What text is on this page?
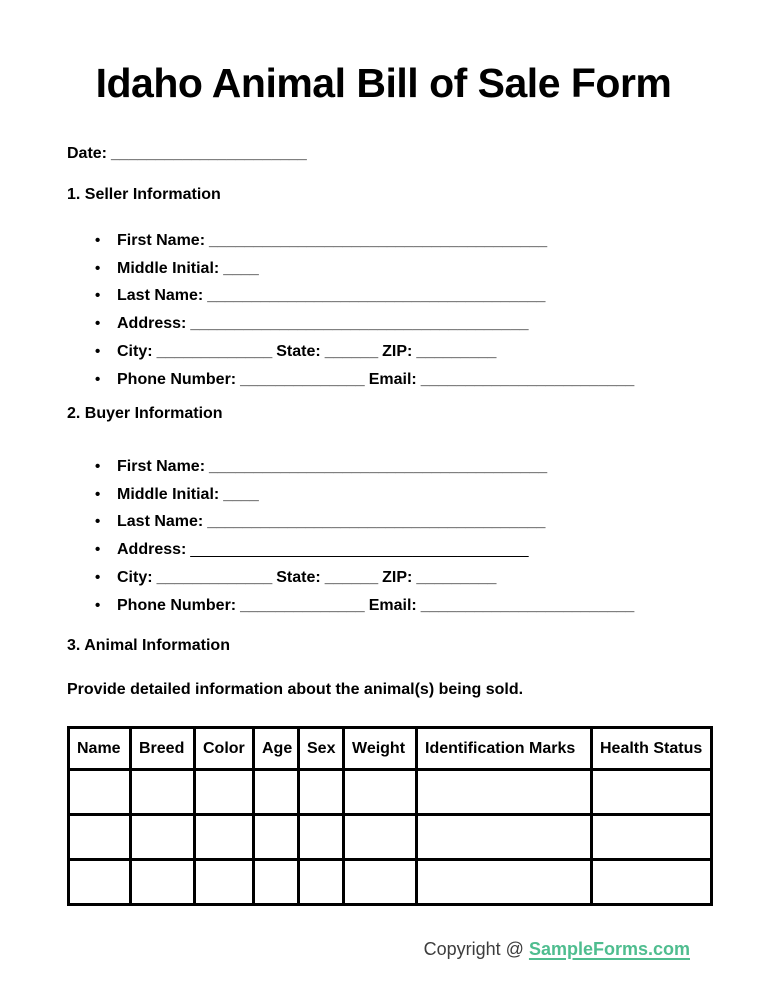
Idaho Animal Bill of Sale Form
Date: ______________________
1. Seller Information
• First Name: ______________________________________
• Middle Initial: ____
• Last Name: ______________________________________
• Address: ______________________________________
• City: _____________ State: ______ ZIP: _________
• Phone Number: ______________ Email: ________________________
2. Buyer Information
• First Name: ______________________________________
• Middle Initial: ____
• Last Name: ______________________________________
• Address: ______________________________________
• City: _____________ State: ______ ZIP: _________
• Phone Number: ______________ Email: ________________________
3. Animal Information
Provide detailed information about the animal(s) being sold.
Name	Breed	Color	Age	Sex	Weight	Identification Marks	Health Status

Copyright @ SampleForms.com
